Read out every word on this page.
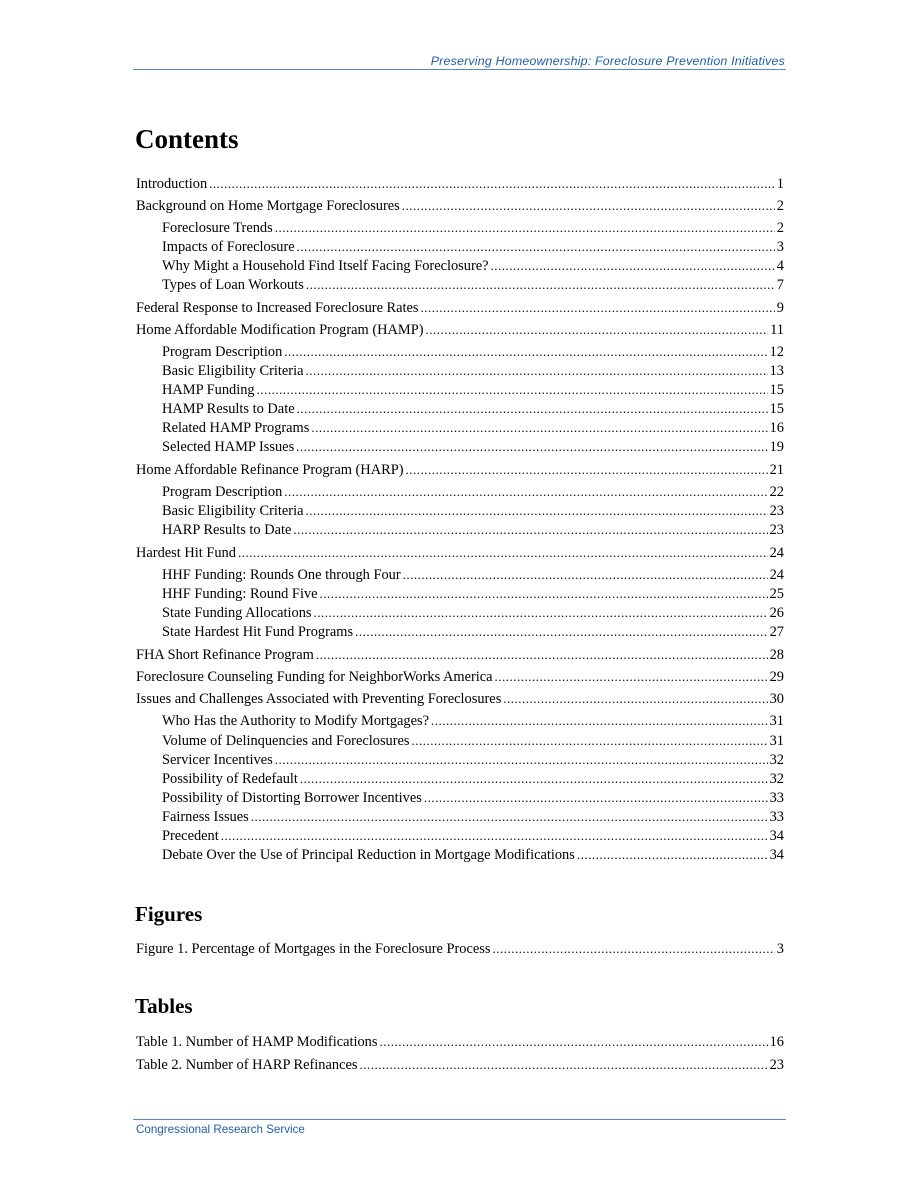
Preserving Homeownership: Foreclosure Prevention Initiatives
Contents
Introduction .....	1
Background on Home Mortgage Foreclosures .....	2
Foreclosure Trends .....	2
Impacts of Foreclosure .....	3
Why Might a Household Find Itself Facing Foreclosure? .....	4
Types of Loan Workouts .....	7
Federal Response to Increased Foreclosure Rates .....	9
Home Affordable Modification Program (HAMP) .....	11
Program Description .....	12
Basic Eligibility Criteria .....	13
HAMP Funding .....	15
HAMP Results to Date .....	15
Related HAMP Programs .....	16
Selected HAMP Issues .....	19
Home Affordable Refinance Program (HARP) .....	21
Program Description .....	22
Basic Eligibility Criteria .....	23
HARP Results to Date .....	23
Hardest Hit Fund .....	24
HHF Funding: Rounds One through Four .....	24
HHF Funding: Round Five .....	25
State Funding Allocations .....	26
State Hardest Hit Fund Programs .....	27
FHA Short Refinance Program .....	28
Foreclosure Counseling Funding for NeighborWorks America .....	29
Issues and Challenges Associated with Preventing Foreclosures .....	30
Who Has the Authority to Modify Mortgages? .....	31
Volume of Delinquencies and Foreclosures .....	31
Servicer Incentives .....	32
Possibility of Redefault .....	32
Possibility of Distorting Borrower Incentives .....	33
Fairness Issues .....	33
Precedent .....	34
Debate Over the Use of Principal Reduction in Mortgage Modifications .....	34
Figures
Figure 1. Percentage of Mortgages in the Foreclosure Process .....	3
Tables
Table 1. Number of HAMP Modifications .....	16
Table 2. Number of HARP Refinances .....	23
Congressional Research Service
